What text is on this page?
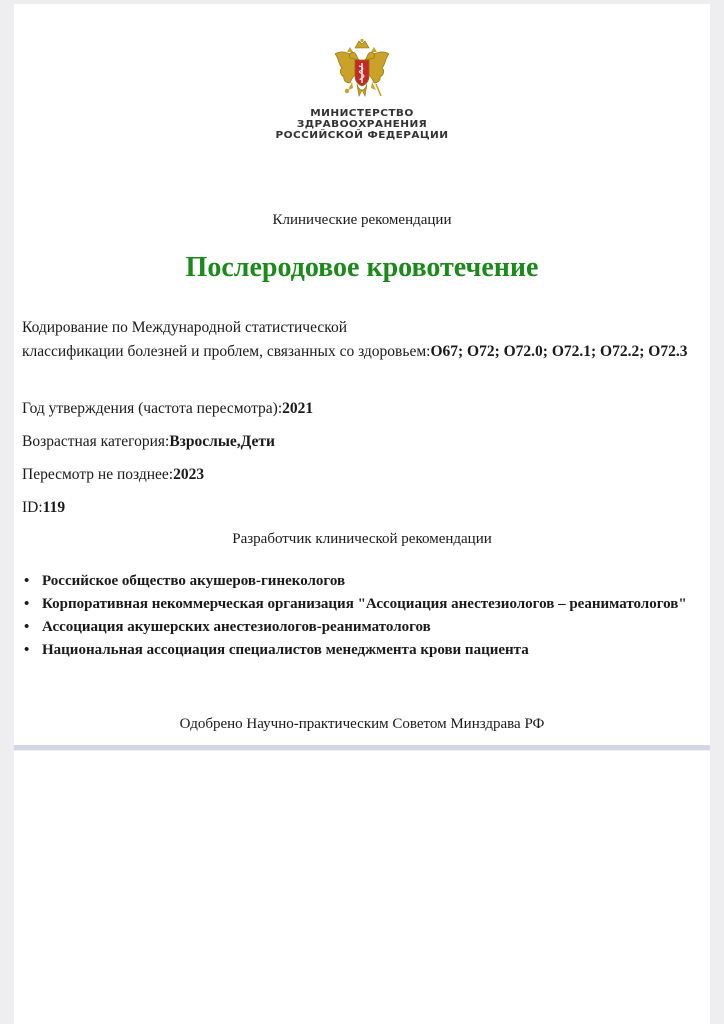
МИНИСТЕРСТВО
ЗДРАВООХРАНЕНИЯ
РОССИЙСКОЙ ФЕДЕРАЦИИ
Клинические рекомендации
Послеродовое кровотечение
Кодирование по Международной статистической
классификации болезней и проблем, связанных со здоровьем:O67; O72; O72.0; O72.1; O72.2; O72.3
Год утверждения (частота пересмотра):2021
Возрастная категория:Взрослые,Дети
Пересмотр не позднее:2023
ID:119
Разработчик клинической рекомендации
• Российское общество акушеров-гинекологов
• Корпоративная некоммерческая организация "Ассоциация анестезиологов – реаниматологов"
• Ассоциация акушерских анестезиологов-реаниматологов
• Национальная ассоциация специалистов менеджмента крови пациента
Одобрено Научно-практическим Советом Минздрава РФ
